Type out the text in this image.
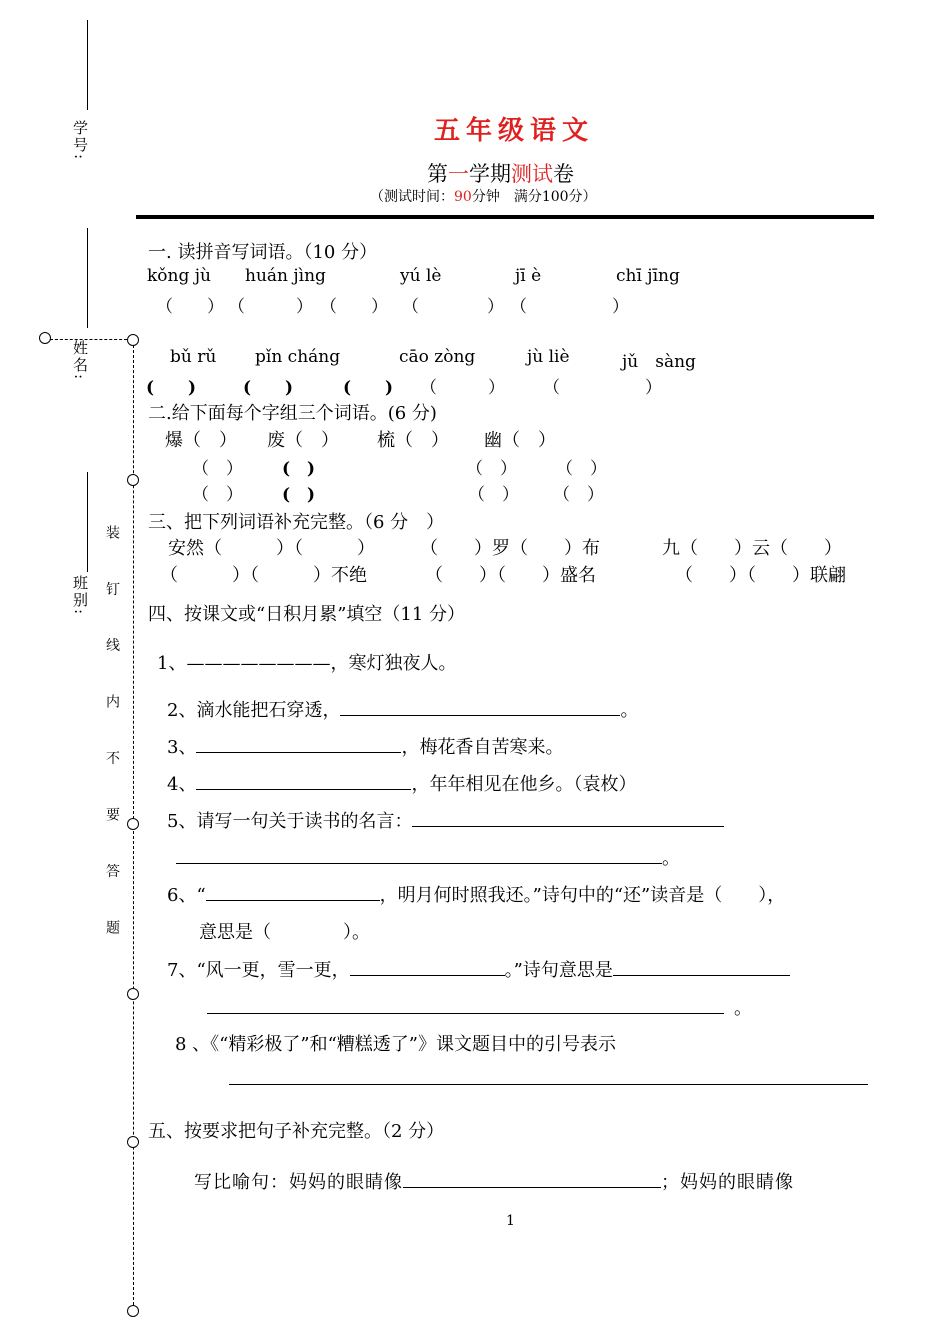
学号:
姓名:
班别: 装 钉 线 内 不 要 答 题
五年级语文
第一学期测试卷
（测试时间：90分钟　满分100分）
一. 读拼音写词语。（10 分）
kǒng jù huán jìng	yú lè	jī è	chī jīng
（　　） （　　　） （　　） （　　　　） （　　　　　）
bǔ rǔ pǐn cháng	cāo zòng	jù liè	jǔ　sàng
(　　)	(　　)	(　　) （　　　） （　　　　　）
二.给下面每个字组三个词语。(6 分)
爆（　） 废（　） 梳（　） 幽（　）
（　） (　)	（　） （　）
（　） (　)	（　） （　）
三、把下列词语补充完整。（6 分　）
安然（　　　）（　　　）	（　　）罗（　　）布	九（　　）云（　　）
（　　　）（　　　）不绝	（　　）（　　）盛名	（　　）（　　）联翩
四、按课文或“日积月累”填空（11 分）
1、————————，寒灯独夜人。
2、滴水能把石穿透，	。
3、	，梅花香自苦寒来。
4、	，年年相见在他乡。（袁枚）
5、请写一句关于读书的名言：
。
6、“	，明月何时照我还。”诗句中的“还”读音是（　　），
意思是（　　　　）。
7、“风一更，雪一更，	。”诗句意思是
。
8 、《“精彩极了”和“糟糕透了”》课文题目中的引号表示
五、按要求把句子补充完整。（2 分）
写比喻句：妈妈的眼睛像	；妈妈的眼睛像
1
